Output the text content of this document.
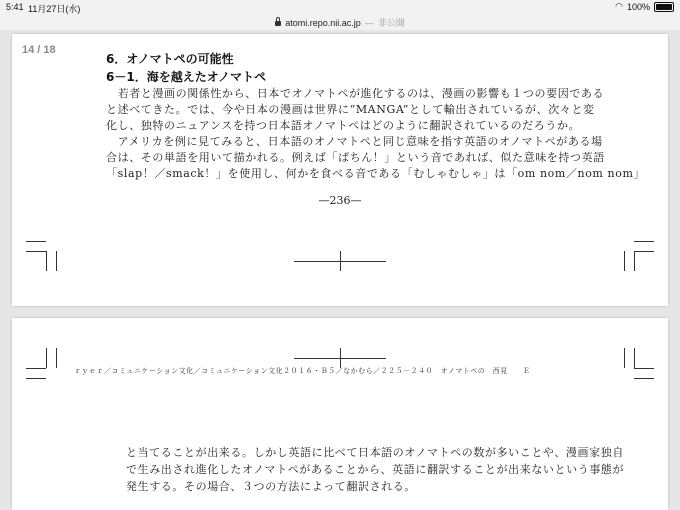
5:41 11月27日(水)	◠ 100%
atomi.repo.nii.ac.jp — 非公開
6．オノマトペの可能性
6－1．海を越えたオノマトペ
　若者と漫画の関係性から、日本でオノマトペが進化するのは、漫画の影響も１つの要因である
と述べてきた。では、今や日本の漫画は世界に“MANGA”として輸出されているが、次々と変
化し、独特のニュアンスを持つ日本語オノマトペはどのように翻訳されているのだろうか。
　アメリカを例に見てみると、日本語のオノマトペと同じ意味を指す英語のオノマトペがある場
合は、その単語を用いて描かれる。例えば「ぱちん！」という音であれば、似た意味を持つ英語
「slap！／smack！」を使用し、何かを食べる音である「むしゃむしゃ」は「om nom／nom nom」
—236—
14 / 18
ｒｙｅｒ／コミュニケーション文化／コミュニケーション文化２０１６・Ｂ５／なかむら／２２５－２４０　オノマトペの　西見　　Ｅ
と当てることが出来る。しかし英語に比べて日本語のオノマトペの数が多いことや、漫画家独自
で生み出され進化したオノマトペがあることから、英語に翻訳することが出来ないという事態が
発生する。その場合、３つの方法によって翻訳される。
